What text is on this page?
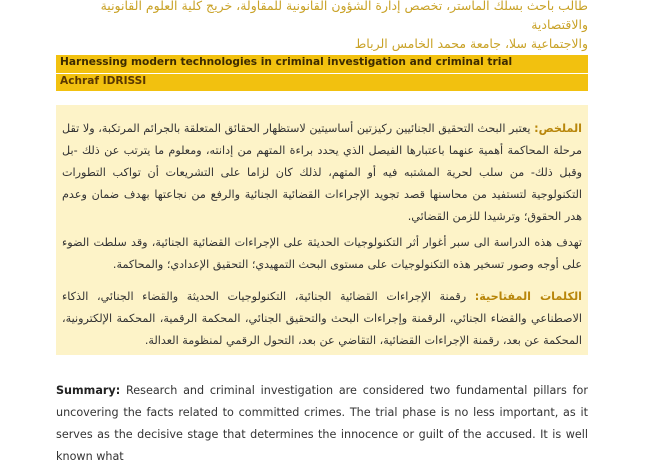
طالب باحث بسلك الماستر، تخصص إدارة الشؤون القانونية للمقاولة، خريج كلية العلوم القانونية والاقتصادية
والاجتماعية سلا، جامعة محمد الخامس الرباط
Harnessing modern technologies in criminal investigation and criminal trial
Achraf IDRISSI
الملخص: يعتبر البحث التحقيق الجنائيين ركيزتين أساسيتين لاستظهار الحقائق المتعلقة بالجرائم المرتكبة، ولا تقل مرحلة المحاكمة أهمية عنهما باعتبارها الفيصل الذي يحدد براءة المتهم من إدانته، ومعلوم ما يترتب عن ذلك -بل وقبل ذلك- من سلب لحرية المشتبه فيه أو المتهم، لذلك كان لزاما على التشريعات أن تواكب التطورات التكنولوجية لتستفيد من محاسنها قصد تجويد الإجراءات القضائية الجنائية والرفع من نجاعتها بهدف ضمان وعدم هدر الحقوق؛ وترشيدا للزمن القضائي.
تهدف هذه الدراسة الى سبر أغوار أثر التكنولوجيات الحديثة على الإجراءات القضائية الجنائية، وقد سلطت الضوء على أوجه وصور تسخير هذه التكنولوجيات على مستوى البحث التمهيدي؛ التحقيق الإعدادي؛ والمحاكمة.
الكلمات المفتاحية: رقمنة الإجراءات القضائية الجنائية، التكنولوجيات الحديثة والقضاء الجنائي، الذكاء الاصطناعي والقضاء الجنائي، الرقمنة وإجراءات البحث والتحقيق الجنائي، المحكمة الرقمية، المحكمة الإلكترونية، المحكمة عن بعد، رقمنة الإجراءات القضائية، التقاضي عن بعد، التحول الرقمي لمنظومة العدالة.
Summary: Research and criminal investigation are considered two fundamental pillars for uncovering the facts related to committed crimes. The trial phase is no less important, as it serves as the decisive stage that determines the innocence or guilt of the accused. It is well known what
